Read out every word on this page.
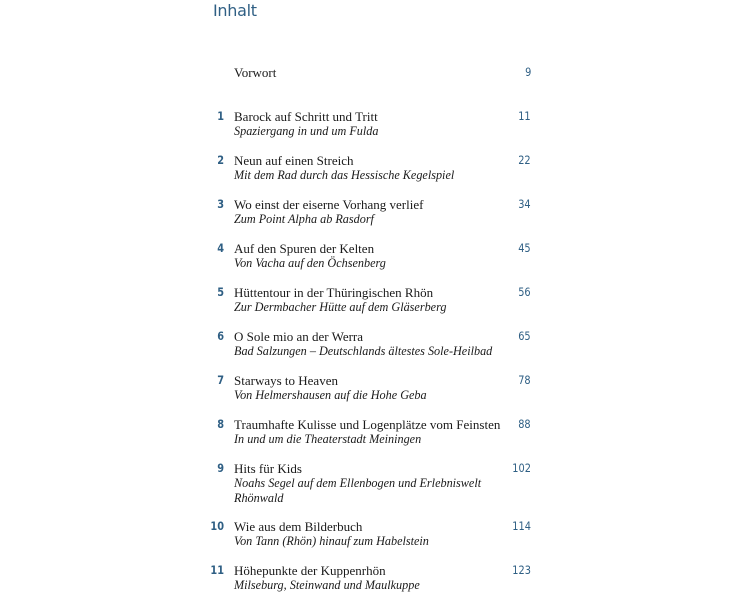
Inhalt
Vorwort	9
1 Barock auf Schritt und Tritt
Spaziergang in und um Fulda
11
2 Neun auf einen Streich
Mit dem Rad durch das Hessische Kegelspiel
22
3 Wo einst der eiserne Vorhang verlief
Zum Point Alpha ab Rasdorf
34
4 Auf den Spuren der Kelten
Von Vacha auf den Öchsenberg
45
5 Hüttentour in der Thüringischen Rhön
Zur Dermbacher Hütte auf dem Gläserberg
56
6 O Sole mio an der Werra
Bad Salzungen – Deutschlands ältestes Sole-Heilbad
65
7 Starways to Heaven
Von Helmershausen auf die Hohe Geba
78
8 Traumhafte Kulisse und Logenplätze vom Feinsten
In und um die Theaterstadt Meiningen
88
9 Hits für Kids
Noahs Segel auf dem Ellenbogen und Erlebniswelt Rhönwald
102
10 Wie aus dem Bilderbuch
Von Tann (Rhön) hinauf zum Habelstein
114
11 Höhepunkte der Kuppenrhön
Milseburg, Steinwand und Maulkuppe
123
